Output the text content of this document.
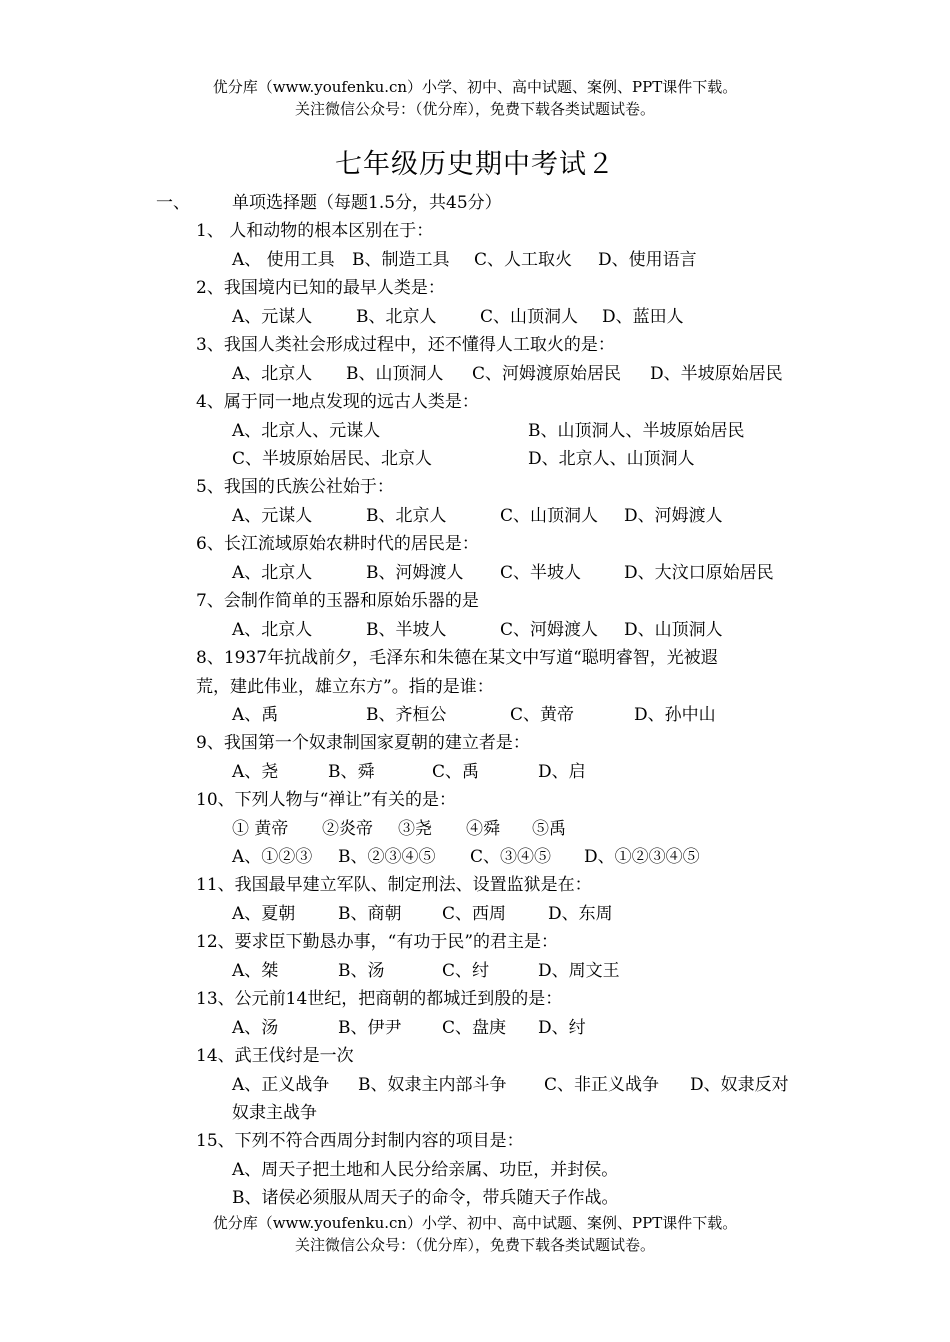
优分库（www.youfenku.cn）小学、初中、高中试题、案例、PPT课件下载。
关注微信公众号：（优分库），免费下载各类试题试卷。
七年级历史期中考试２
一、 单项选择题（每题1.5分，共45分）
1、 人和动物的根本区别在于：
A、 使用工具 B、制造工具 C、人工取火 D、使用语言
2、我国境内已知的最早人类是：
A、元谋人	B、北京人	C、山顶洞人 D、蓝田人
3、我国人类社会形成过程中，还不懂得人工取火的是：
A、北京人 B、山顶洞人 C、河姆渡原始居民 D、半坡原始居民
4、属于同一地点发现的远古人类是：
A、北京人、元谋人	B、山顶洞人、半坡原始居民
C、半坡原始居民、北京人	D、北京人、山顶洞人
5、我国的氏族公社始于：
A、元谋人	B、北京人	C、山顶洞人 D、河姆渡人
6、长江流域原始农耕时代的居民是：
A、北京人	B、河姆渡人 C、半坡人	D、大汶口原始居民
7、会制作简单的玉器和原始乐器的是
A、北京人	B、半坡人	C、河姆渡人 D、山顶洞人
8、1937年抗战前夕，毛泽东和朱德在某文中写道“聪明睿智，光被遐
荒，建此伟业，雄立东方”。指的是谁：
A、禹	B、齐桓公	C、黄帝	D、孙中山
9、我国第一个奴隶制国家夏朝的建立者是：
A、尧	B、舜	C、禹	D、启
10、下列人物与“禅让”有关的是：
① 黄帝 ②炎帝 ③尧 ④舜 ⑤禹
A、①②③ B、②③④⑤ C、③④⑤ D、①②③④⑤
11、我国最早建立军队、制定刑法、设置监狱是在：
A、夏朝	B、商朝 C、西周 D、东周
12、要求臣下勤恳办事，“有功于民”的君主是：
A、桀	B、汤	C、纣	D、周文王
13、公元前14世纪，把商朝的都城迁到殷的是：
A、汤	B、伊尹 C、盘庚 D、纣
14、武王伐纣是一次
A、正义战争 B、奴隶主内部斗争 C、非正义战争 D、奴隶反对
奴隶主战争
15、下列不符合西周分封制内容的项目是：
A、周天子把土地和人民分给亲属、功臣，并封侯。
B、诸侯必须服从周天子的命令，带兵随天子作战。
优分库（www.youfenku.cn）小学、初中、高中试题、案例、PPT课件下载。
关注微信公众号：（优分库），免费下载各类试题试卷。
